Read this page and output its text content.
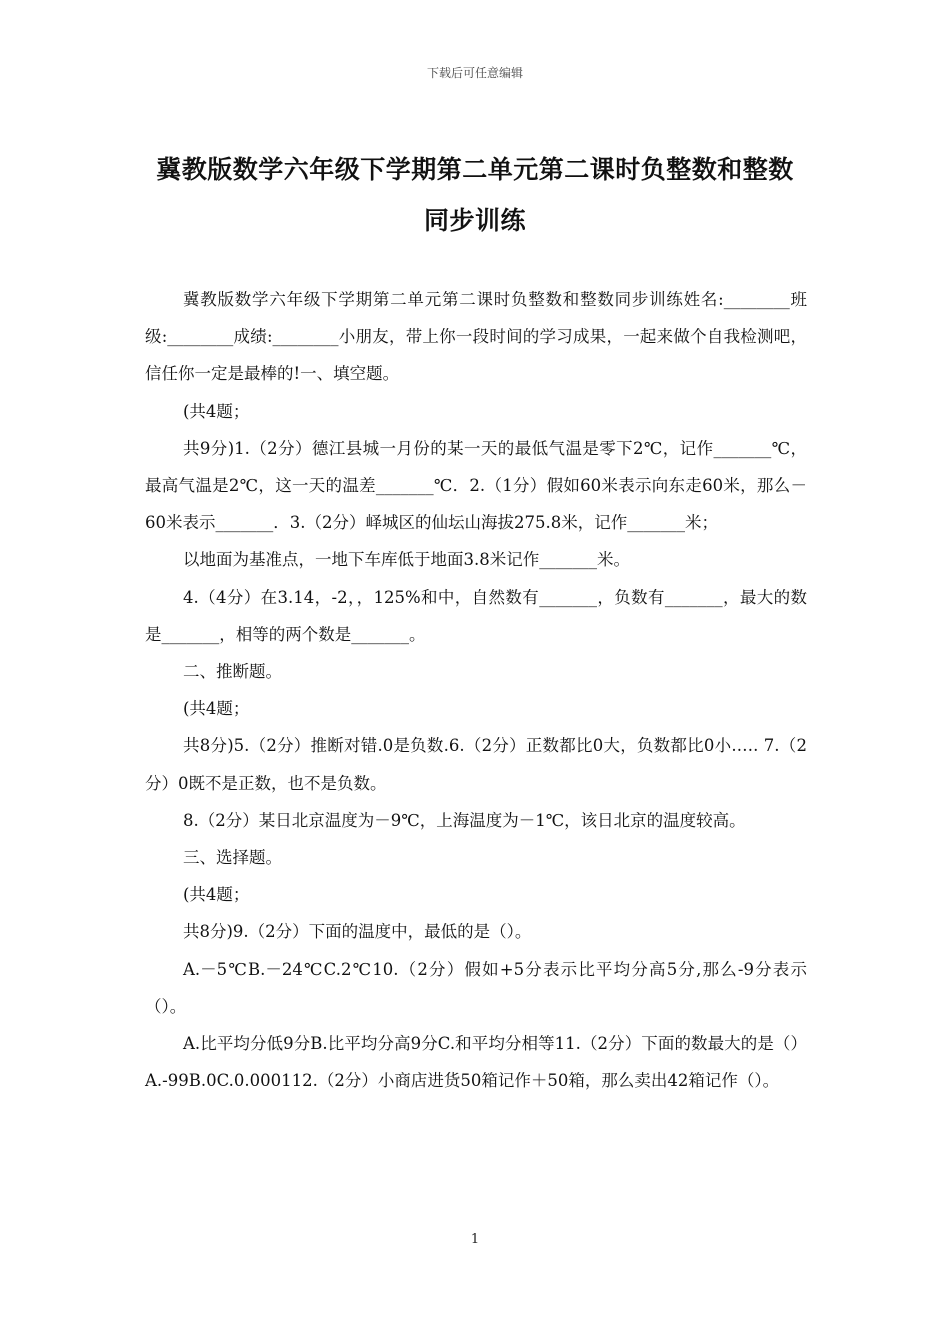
下载后可任意编辑
冀教版数学六年级下学期第二单元第二课时负整数和整数
同步训练

冀教版数学六年级下学期第二单元第二课时负整数和整数同步训练姓名:________班级:________成绩:________小朋友，带上你一段时间的学习成果，一起来做个自我检测吧，信任你一定是最棒的!一、填空题。

(共4题；

共9分)1.（2分）德江县城一月份的某一天的最低气温是零下2℃，记作_______℃，最高气温是2℃，这一天的温差_______℃．2.（1分）假如60米表示向东走60米，那么－60米表示_______．3.（2分）峄城区的仙坛山海拔275.8米，记作_______米；

以地面为基准点，一地下车库低于地面3.8米记作_______米。

4.（4分）在3.14，-2，，125%和中，自然数有_______，负数有_______，最大的数是_______，相等的两个数是_______。

二、推断题。

(共4题；

共8分)5.（2分）推断对错.0是负数.6.（2分）正数都比0大，负数都比0小.…. 7.（2分）0既不是正数，也不是负数。

8.（2分）某日北京温度为－9℃，上海温度为－1℃，该日北京的温度较高。

三、选择题。

(共4题；

共8分)9.（2分）下面的温度中，最低的是（）。

A.－5℃B.－24℃C.2℃10.（2分）假如+5分表示比平均分高5分,那么-9分表示（）。

A.比平均分低9分B.比平均分高9分C.和平均分相等11.（2分）下面的数最大的是（）A.-99B.0C.0.000112.（2分）小商店进货50箱记作＋50箱，那么卖出42箱记作（）。

1
